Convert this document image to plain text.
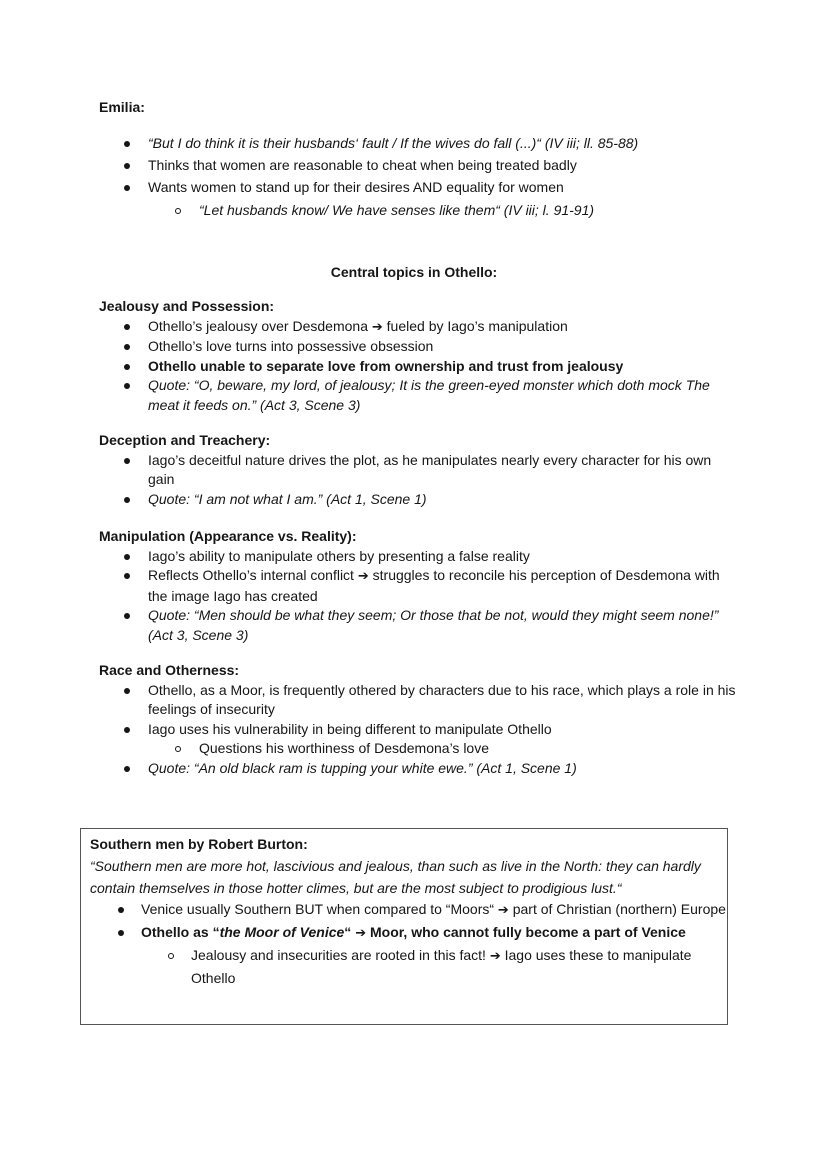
Emilia:
“But I do think it is their husbands‘ fault / If the wives do fall (...)“ (IV iii; ll. 85-88)
Thinks that women are reasonable to cheat when being treated badly
Wants women to stand up for their desires AND equality for women
“Let husbands know/ We have senses like them“ (IV iii; l. 91-91)
Central topics in Othello:
Jealousy and Possession:
Othello’s jealousy over Desdemona ➔ fueled by Iago’s manipulation
Othello’s love turns into possessive obsession
Othello unable to separate love from ownership and trust from jealousy
Quote: “O, beware, my lord, of jealousy; It is the green-eyed monster which doth mock The meat it feeds on.” (Act 3, Scene 3)
Deception and Treachery:
Iago’s deceitful nature drives the plot, as he manipulates nearly every character for his own gain
Quote: “I am not what I am.” (Act 1, Scene 1)
Manipulation (Appearance vs. Reality):
Iago’s ability to manipulate others by presenting a false reality
Reflects Othello’s internal conflict ➔ struggles to reconcile his perception of Desdemona with the image Iago has created
Quote: “Men should be what they seem; Or those that be not, would they might seem none!” (Act 3, Scene 3)
Race and Otherness:
Othello, as a Moor, is frequently othered by characters due to his race, which plays a role in his feelings of insecurity
Iago uses his vulnerability in being different to manipulate Othello
Questions his worthiness of Desdemona’s love
Quote: “An old black ram is tupping your white ewe.” (Act 1, Scene 1)
Southern men by Robert Burton:
“Southern men are more hot, lascivious and jealous, than such as live in the North: they can hardly contain themselves in those hotter climes, but are the most subject to prodigious lust.“
Venice usually Southern BUT when compared to “Moors“ ➔ part of Christian (northern) Europe
Othello as “the Moor of Venice“ ➔ Moor, who cannot fully become a part of Venice
Jealousy and insecurities are rooted in this fact! ➔ Iago uses these to manipulate Othello
